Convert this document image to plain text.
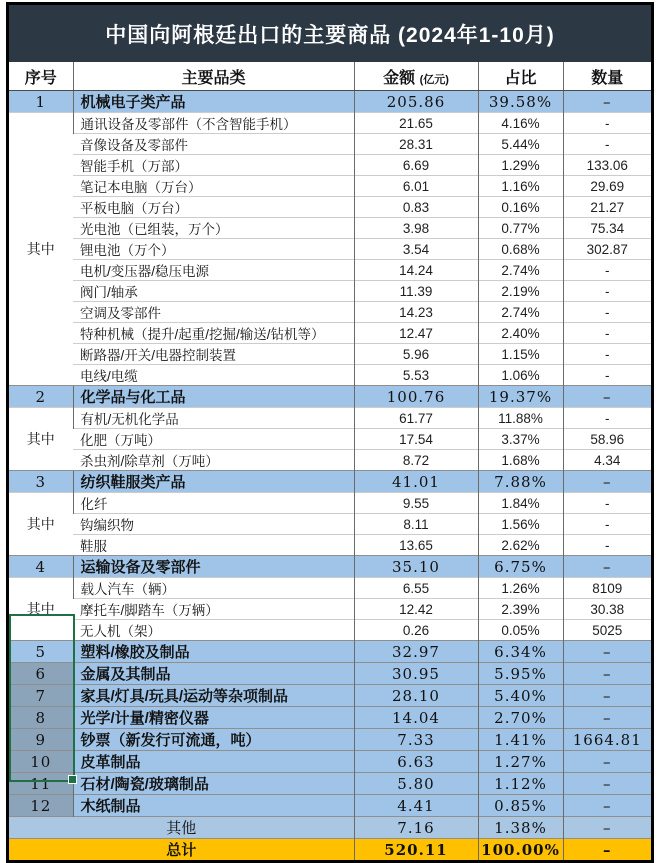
中国向阿根廷出口的主要商品 (2024年1-10月)
序号	主要品类	金额 (亿元)	占比	数量
1	机械电子类产品	205.86	39.58%	–
其中	通讯设备及零部件（不含智能手机）	21.65	4.16%	-
	音像设备及零部件	28.31	5.44%	-
	智能手机（万部）	6.69	1.29%	133.06
	笔记本电脑（万台）	6.01	1.16%	29.69
	平板电脑（万台）	0.83	0.16%	21.27
	光电池（已组装，万个）	3.98	0.77%	75.34
	锂电池（万个）	3.54	0.68%	302.87
	电机/变压器/稳压电源	14.24	2.74%	-
	阀门/轴承	11.39	2.19%	-
	空调及零部件	14.23	2.74%	-
	特种机械（提升/起重/挖掘/输送/钻机等）	12.47	2.40%	-
	断路器/开关/电器控制装置	5.96	1.15%	-
	电线/电缆	5.53	1.06%	-
2	化学品与化工品	100.76	19.37%	–
其中	有机/无机化学品	61.77	11.88%	-
	化肥（万吨）	17.54	3.37%	58.96
	杀虫剂/除草剂（万吨）	8.72	1.68%	4.34
3	纺织鞋服类产品	41.01	7.88%	–
其中	化纤	9.55	1.84%	-
	钩编织物	8.11	1.56%	-
	鞋服	13.65	2.62%	-
4	运输设备及零部件	35.10	6.75%	–
其中	载人汽车（辆）	6.55	1.26%	8109
	摩托车/脚踏车（万辆）	12.42	2.39%	30.38
	无人机（架）	0.26	0.05%	5025
5	塑料/橡胶及制品	32.97	6.34%	–
6	金属及其制品	30.95	5.95%	–
7	家具/灯具/玩具/运动等杂项制品	28.10	5.40%	–
8	光学/计量/精密仪器	14.04	2.70%	–
9	钞票（新发行可流通，吨）	7.33	1.41%	1664.81
10	皮革制品	6.63	1.27%	–
11	石材/陶瓷/玻璃制品	5.80	1.12%	–
12	木纸制品	4.41	0.85%	–
其他		7.16	1.38%	–
总计		520.11	100.00%	–
